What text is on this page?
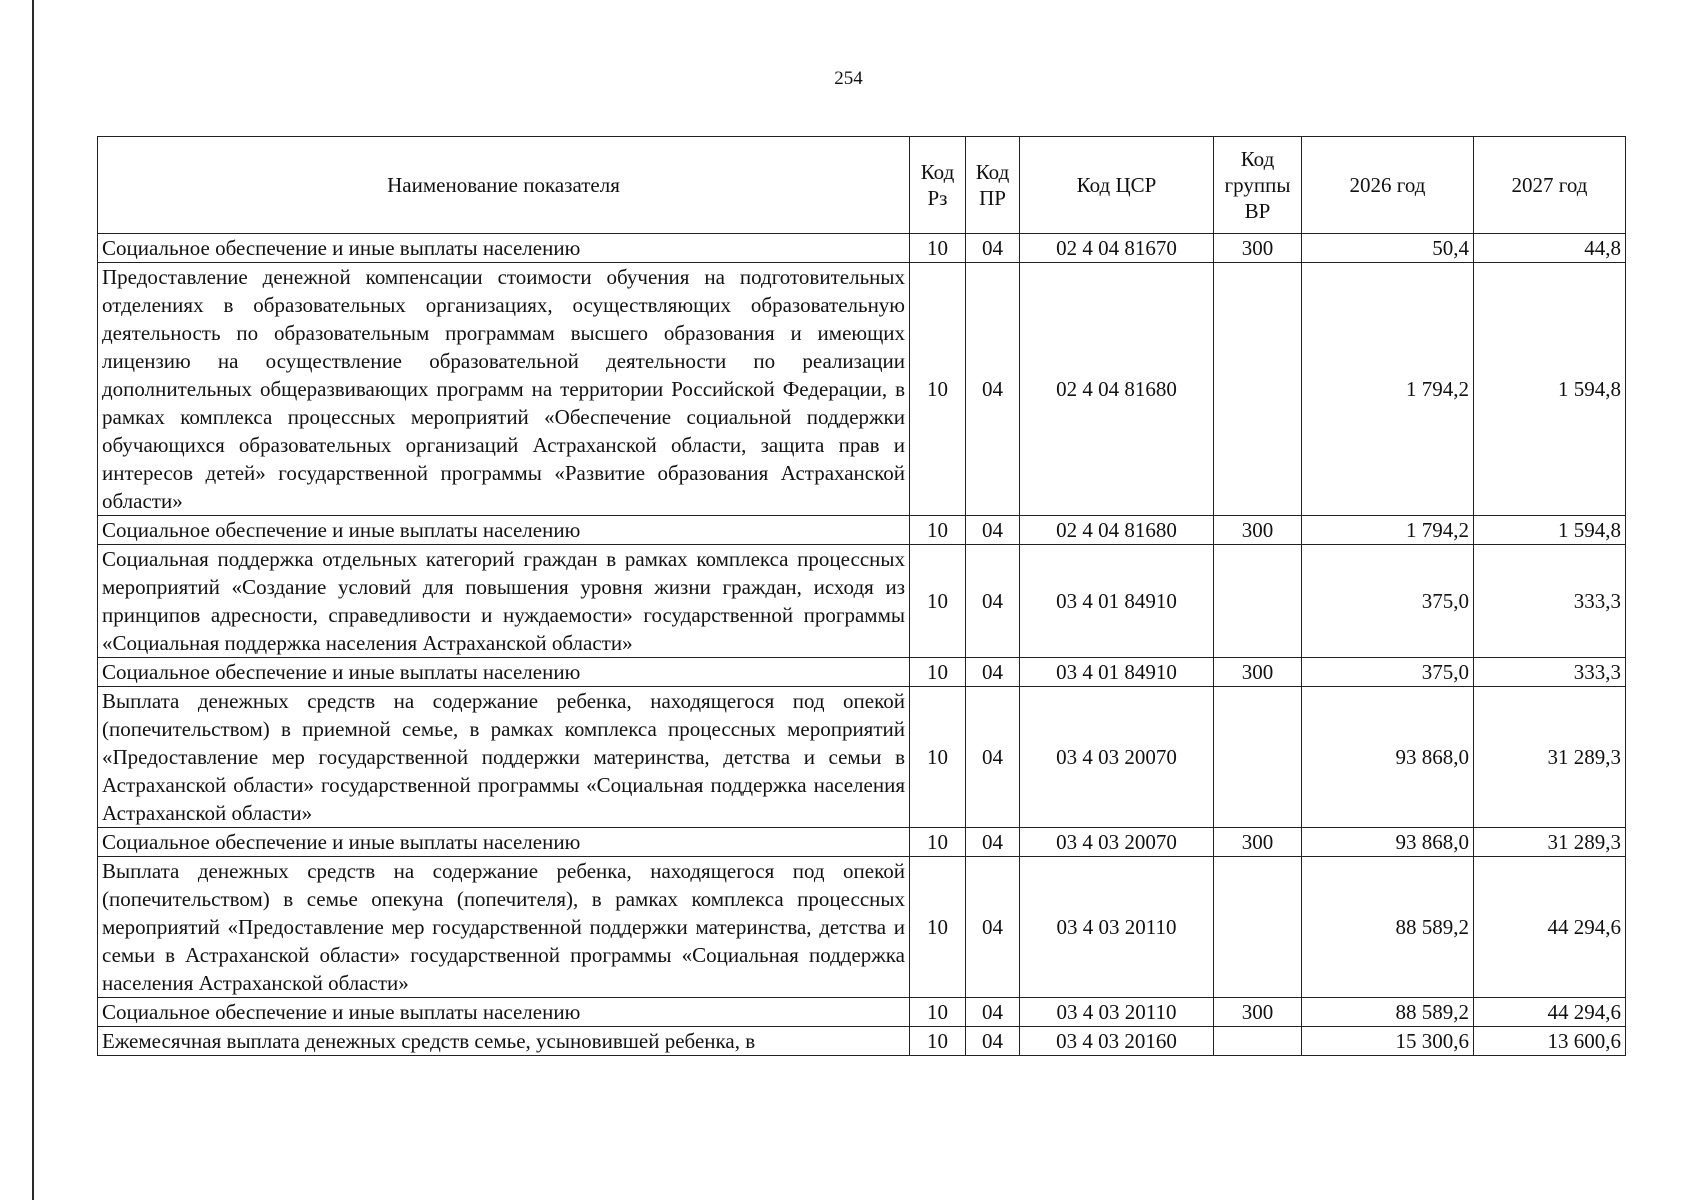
254
Наименование показателя	Код Рз	Код ПР	Код ЦСР	Код группы ВР	2026 год	2027 год
Социальное обеспечение и иные выплаты населению	10	04	02 4 04 81670	300	50,4	44,8
Предоставление денежной компенсации стоимости обучения на подготовительных отделениях в образовательных организациях, осуществляющих образовательную деятельность по образовательным программам высшего образования и имеющих лицензию на осуществление образовательной деятельности по реализации дополнительных общеразвивающих программ на территории Российской Федерации, в рамках комплекса процессных мероприятий «Обеспечение социальной поддержки обучающихся образовательных организаций Астраханской области, защита прав и интересов детей» государственной программы «Развитие образования Астраханской области»	10	04	02 4 04 81680		1 794,2	1 594,8
Социальное обеспечение и иные выплаты населению	10	04	02 4 04 81680	300	1 794,2	1 594,8
Социальная поддержка отдельных категорий граждан в рамках комплекса процессных мероприятий «Создание условий для повышения уровня жизни граждан, исходя из принципов адресности, справедливости и нуждаемости» государственной программы «Социальная поддержка населения Астраханской области»	10	04	03 4 01 84910		375,0	333,3
Социальное обеспечение и иные выплаты населению	10	04	03 4 01 84910	300	375,0	333,3
Выплата денежных средств на содержание ребенка, находящегося под опекой (попечительством) в приемной семье, в рамках комплекса процессных мероприятий «Предоставление мер государственной поддержки материнства, детства и семьи в Астраханской области» государственной программы «Социальная поддержка населения Астраханской области»	10	04	03 4 03 20070		93 868,0	31 289,3
Социальное обеспечение и иные выплаты населению	10	04	03 4 03 20070	300	93 868,0	31 289,3
Выплата денежных средств на содержание ребенка, находящегося под опекой (попечительством) в семье опекуна (попечителя), в рамках комплекса процессных мероприятий «Предоставление мер государственной поддержки материнства, детства и семьи в Астраханской области» государственной программы «Социальная поддержка населения Астраханской области»	10	04	03 4 03 20110		88 589,2	44 294,6
Социальное обеспечение и иные выплаты населению	10	04	03 4 03 20110	300	88 589,2	44 294,6
Ежемесячная выплата денежных средств семье, усыновившей ребенка, в	10	04	03 4 03 20160		15 300,6	13 600,6
